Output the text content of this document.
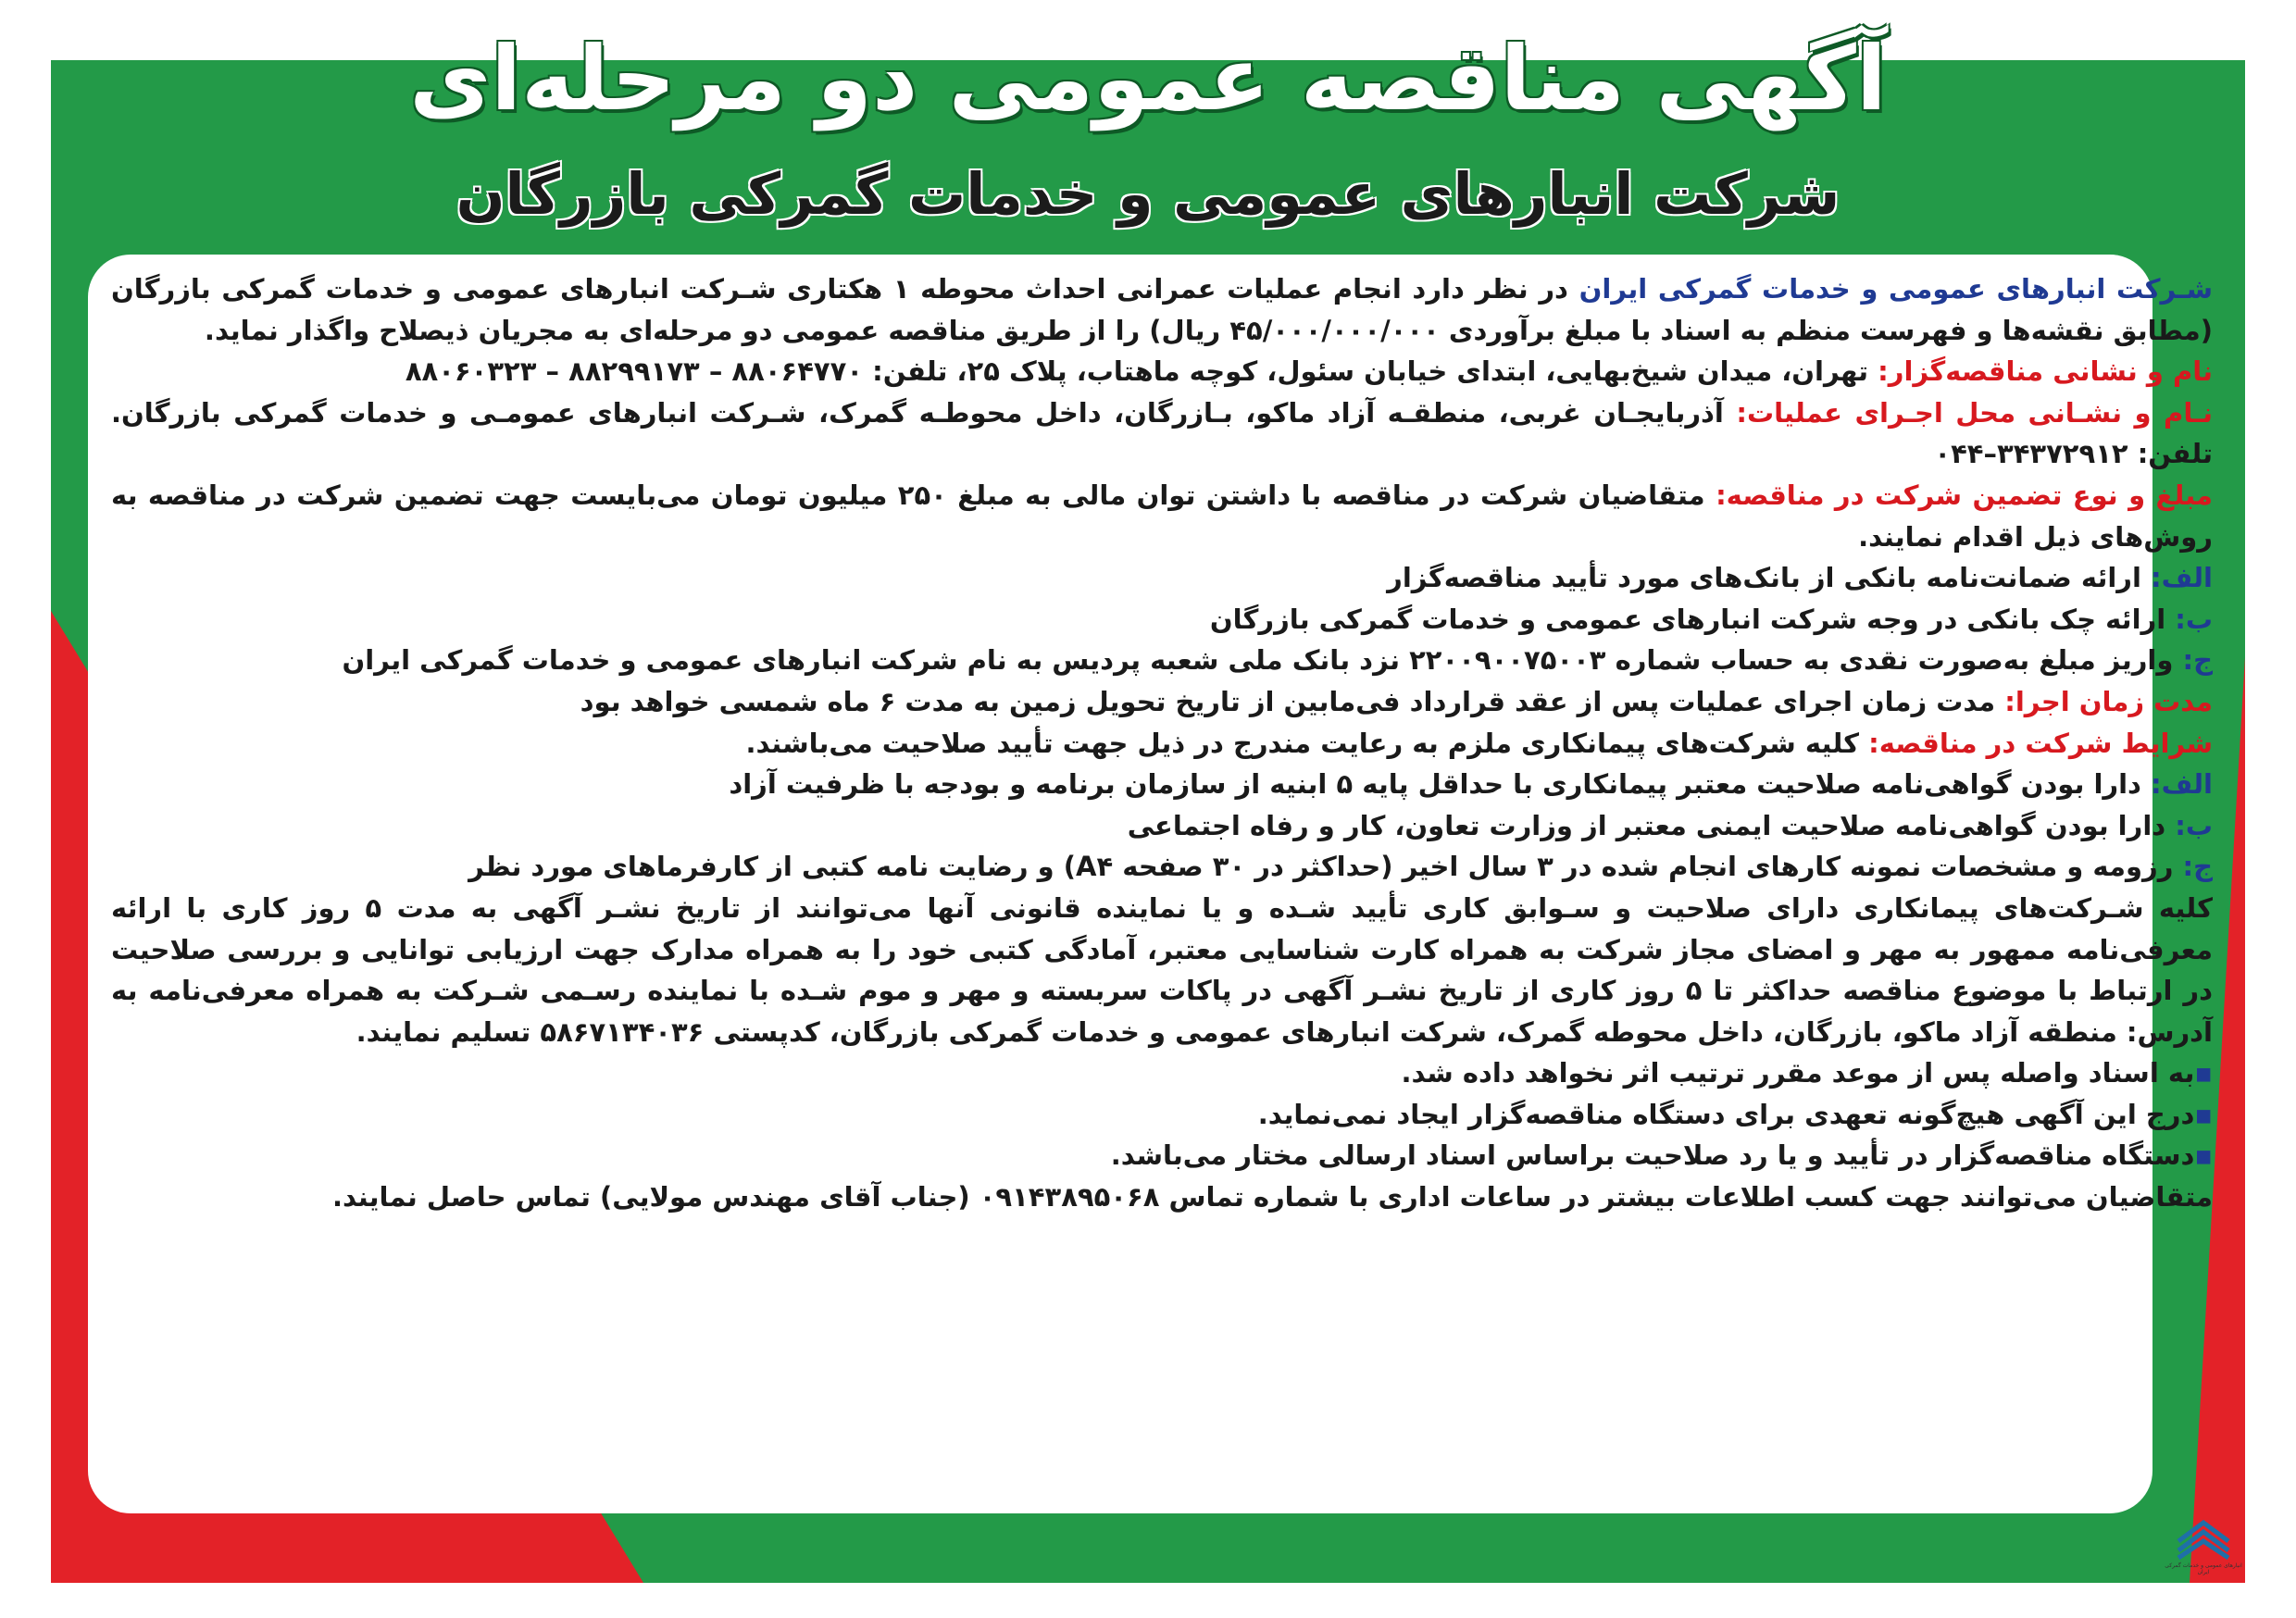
آگهی مناقصه عمومی دو مرحله‌ای
شرکت انبارهای عمومی و خدمات گمرکی بازرگان

شـرکت انبارهای عمومی و خدمات گمرکی ایران در نظر دارد انجام عملیات عمرانی احداث محوطه ۱ هکتاری شـرکت انبارهای عمومی و خدمات گمرکی بازرگان (مطابق نقشه‌ها و فهرست منظم به اسناد با مبلغ برآوردی ۴۵/۰۰۰/۰۰۰/۰۰۰ ریال) را از طریق مناقصه عمومی دو مرحله‌ای به مجریان ذیصلاح واگذار نماید.

نام و نشانی مناقصه‌گزار: تهران، میدان شیخ‌بهایی، ابتدای خیابان سئول، کوچه ماهتاب، پلاک ۲۵، تلفن: ۸۸۰۶۰۳۲۳ – ۸۸۲۹۹۱۷۳ – ۸۸۰۶۴۷۷۰

نـام و نشـانی محل اجـرای عملیات: آذربایجـان غربی، منطقـه آزاد ماکو، بـازرگان، داخل محوطـه گمرک، شـرکت انبارهای عمومـی و خدمات گمرکی بازرگان. تلفن: ۰۴۴–۳۴۳۷۲۹۱۲

مبلغ و نوع تضمین شرکت در مناقصه: متقاضیان شرکت در مناقصه با داشتن توان مالی به مبلغ ۲۵۰ میلیون تومان می‌بایست جهت تضمین شرکت در مناقصه به روش‌های ذیل اقدام نمایند.

الف: ارائه ضمانت‌نامه بانکی از بانک‌های مورد تأیید مناقصه‌گزار

ب: ارائه چک بانکی در وجه شرکت انبارهای عمومی و خدمات گمرکی بازرگان

ج: واریز مبلغ به‌صورت نقدی به حساب شماره ۲۲۰۰۹۰۰۷۵۰۰۳ نزد بانک ملی شعبه پردیس به نام شرکت انبارهای عمومی و خدمات گمرکی ایران

مدت زمان اجرا: مدت زمان اجرای عملیات پس از عقد قرارداد فی‌مابین از تاریخ تحویل زمین به مدت ۶ ماه شمسی خواهد بود

شرایط شرکت در مناقصه: کلیه شرکت‌های پیمانکاری ملزم به رعایت مندرج در ذیل جهت تأیید صلاحیت می‌باشند.

الف: دارا بودن گواهی‌نامه صلاحیت معتبر پیمانکاری با حداقل پایه ۵ ابنیه از سازمان برنامه و بودجه با ظرفیت آزاد

ب: دارا بودن گواهی‌نامه صلاحیت ایمنی معتبر از وزارت تعاون، کار و رفاه اجتماعی

ج: رزومه و مشخصات نمونه کارهای انجام شده در ۳ سال اخیر (حداکثر در ۳۰ صفحه A۴) و رضایت نامه کتبی از کارفرماهای مورد نظر

کلیه شـرکت‌های پیمانکاری دارای صلاحیت و سـوابق کاری تأیید شـده و یا نماینده قانونی آنها می‌توانند از تاریخ نشـر آگهی به مدت ۵ روز کاری با ارائه معرفی‌نامه ممهور به مهر و امضای مجاز شرکت به همراه کارت شناسایی معتبر، آمادگی کتبی خود را به همراه مدارک جهت ارزیابی توانایی و بررسی صلاحیت در ارتباط با موضوع مناقصه حداکثر تا ۵ روز کاری از تاریخ نشـر آگهی در پاکات سربسته و مهر و موم شـده با نماینده رسـمی شـرکت به همراه معرفی‌نامه به آدرس: منطقه آزاد ماکو، بازرگان، داخل محوطه گمرک، شرکت انبارهای عمومی و خدمات گمرکی بازرگان، کدپستی ۵۸۶۷۱۳۴۰۳۶ تسلیم نمایند.

▪به اسناد واصله پس از موعد مقرر ترتیب اثر نخواهد داده شد.

▪درج این آگهی هیچ‌گونه تعهدی برای دستگاه مناقصه‌گزار ایجاد نمی‌نماید.

▪دستگاه مناقصه‌گزار در تأیید و یا رد صلاحیت براساس اسناد ارسالی مختار می‌باشد.

متقاضیان می‌توانند جهت کسب اطلاعات بیشتر در ساعات اداری با شماره تماس ۰۹۱۴۳۸۹۵۰۶۸ (جناب آقای مهندس مولایی) تماس حاصل نمایند.

انبارهای عمومی و خدمات گمرکی ایران
